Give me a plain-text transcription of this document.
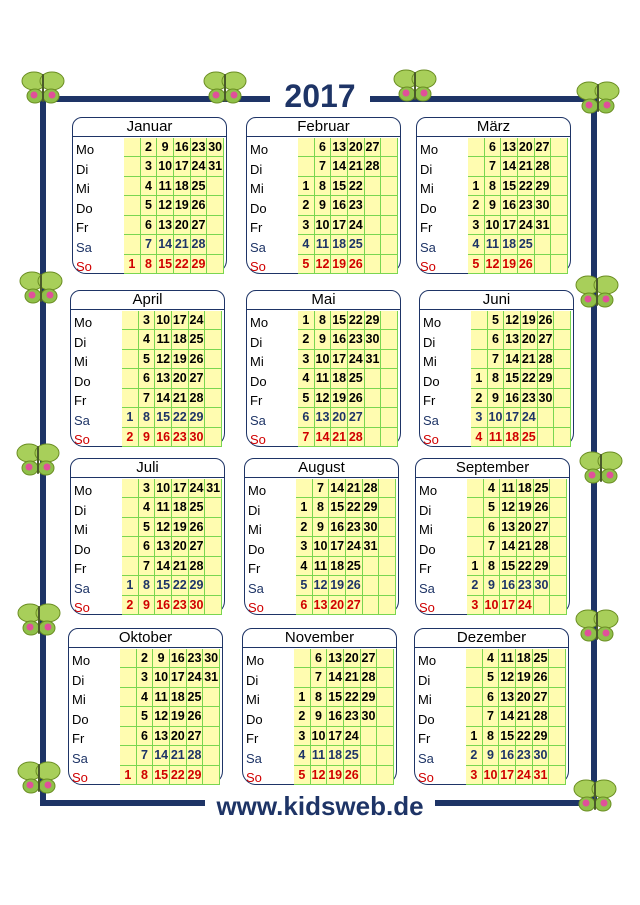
2017
www.kidsweb.de
Januar
Mo
Di
Mi
Do
Fr
Sa
So
2 9 16 23 30
3 10 17 24 31
4 11 18 25
5 12 19 26
6 13 20 27
7 14 21 28
1 8 15 22 29
Februar
Mo
Di
Mi
Do
Fr
Sa
So
6 13 20 27
7 14 21 28
1 8 15 22
2 9 16 23
3 10 17 24
4 11 18 25
5 12 19 26
März
Mo
Di
Mi
Do
Fr
Sa
So
6 13 20 27
7 14 21 28
1 8 15 22 29
2 9 16 23 30
3 10 17 24 31
4 11 18 25
5 12 19 26
April
Mo
Di
Mi
Do
Fr
Sa
So
3 10 17 24
4 11 18 25
5 12 19 26
6 13 20 27
7 14 21 28
1 8 15 22 29
2 9 16 23 30
Mai
Mo
Di
Mi
Do
Fr
Sa
So
1 8 15 22 29
2 9 16 23 30
3 10 17 24 31
4 11 18 25
5 12 19 26
6 13 20 27
7 14 21 28
Juni
Mo
Di
Mi
Do
Fr
Sa
So
5 12 19 26
6 13 20 27
7 14 21 28
1 8 15 22 29
2 9 16 23 30
3 10 17 24
4 11 18 25
Juli
Mo
Di
Mi
Do
Fr
Sa
So
3 10 17 24 31
4 11 18 25
5 12 19 26
6 13 20 27
7 14 21 28
1 8 15 22 29
2 9 16 23 30
August
Mo
Di
Mi
Do
Fr
Sa
So
7 14 21 28
1 8 15 22 29
2 9 16 23 30
3 10 17 24 31
4 11 18 25
5 12 19 26
6 13 20 27
September
Mo
Di
Mi
Do
Fr
Sa
So
4 11 18 25
5 12 19 26
6 13 20 27
7 14 21 28
1 8 15 22 29
2 9 16 23 30
3 10 17 24
Oktober
Mo
Di
Mi
Do
Fr
Sa
So
2 9 16 23 30
3 10 17 24 31
4 11 18 25
5 12 19 26
6 13 20 27
7 14 21 28
1 8 15 22 29
November
Mo
Di
Mi
Do
Fr
Sa
So
6 13 20 27
7 14 21 28
1 8 15 22 29
2 9 16 23 30
3 10 17 24
4 11 18 25
5 12 19 26
Dezember
Mo
Di
Mi
Do
Fr
Sa
So
4 11 18 25
5 12 19 26
6 13 20 27
7 14 21 28
1 8 15 22 29
2 9 16 23 30
3 10 17 24 31
